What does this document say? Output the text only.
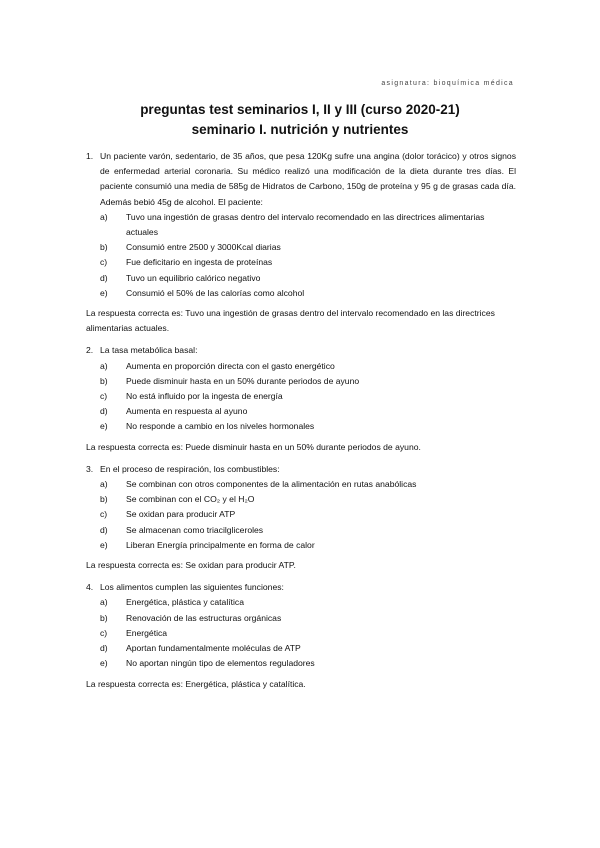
asignatura: bioquímica médica
preguntas test seminarios I, II y III (curso 2020-21)
seminario I. nutrición y nutrientes
1. Un paciente varón, sedentario, de 35 años, que pesa 120Kg sufre una angina (dolor torácico) y otros signos de enfermedad arterial coronaria. Su médico realizó una modificación de la dieta durante tres días. El paciente consumió una media de 585g de Hidratos de Carbono, 150g de proteína y 95 g de grasas cada día. Además bebió 45g de alcohol. El paciente:
a)	Tuvo una ingestión de grasas dentro del intervalo recomendado en las directrices alimentarias actuales
b)	Consumió entre 2500 y 3000Kcal diarias
c)	Fue deficitario en ingesta de proteínas
d)	Tuvo un equilibrio calórico negativo
e)	Consumió el 50% de las calorías como alcohol

La respuesta correcta es: Tuvo una ingestión de grasas dentro del intervalo recomendado en las directrices alimentarias actuales.

2. La tasa metabólica basal:
a)	Aumenta en proporción directa con el gasto energético
b)	Puede disminuir hasta en un 50% durante periodos de ayuno
c)	No está influido por la ingesta de energía
d)	Aumenta en respuesta al ayuno
e)	No responde a cambio en los niveles hormonales

La respuesta correcta es: Puede disminuir hasta en un 50% durante periodos de ayuno.

3. En el proceso de respiración, los combustibles:
a)	Se combinan con otros componentes de la alimentación en rutas anabólicas
b)	Se combinan con el CO₂ y el H₂O
c)	Se oxidan para producir ATP
d)	Se almacenan como triacilgliceroles
e)	Liberan Energía principalmente en forma de calor

La respuesta correcta es: Se oxidan para producir ATP.

4. Los alimentos cumplen las siguientes funciones:
a)	Energética, plástica y catalítica
b)	Renovación de las estructuras orgánicas
c)	Energética
d)	Aportan fundamentalmente moléculas de ATP
e)	No aportan ningún tipo de elementos reguladores

La respuesta correcta es: Energética, plástica y catalítica.
